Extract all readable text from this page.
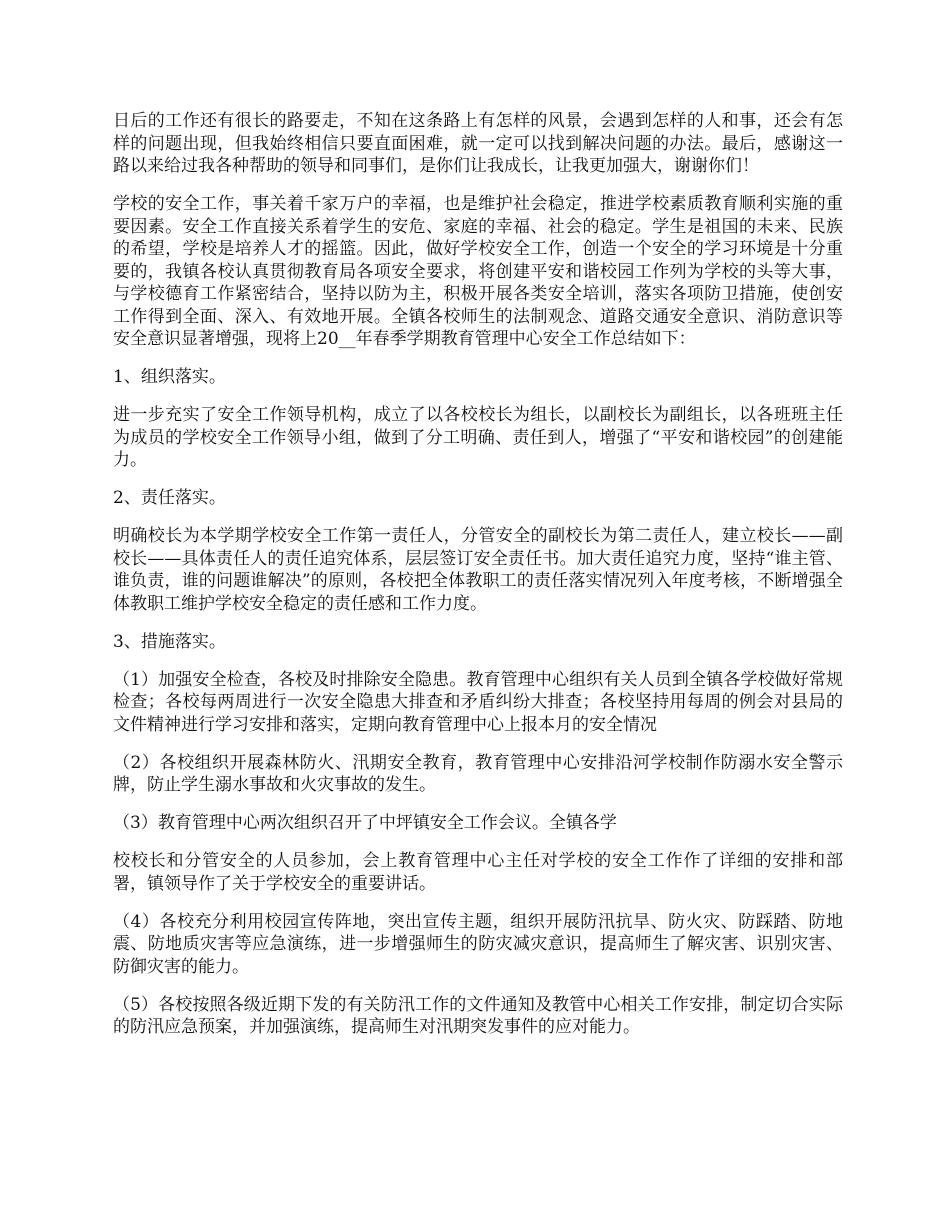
日后的工作还有很长的路要走，不知在这条路上有怎样的风景，会遇到怎样的人和事，还会有怎样的问题出现，但我始终相信只要直面困难，就一定可以找到解决问题的办法。最后，感谢这一路以来给过我各种帮助的领导和同事们，是你们让我成长，让我更加强大，谢谢你们！

学校的安全工作，事关着千家万户的幸福，也是维护社会稳定，推进学校素质教育顺利实施的重要因素。安全工作直接关系着学生的安危、家庭的幸福、社会的稳定。学生是祖国的未来、民族的希望，学校是培养人才的摇篮。因此，做好学校安全工作，创造一个安全的学习环境是十分重要的，我镇各校认真贯彻教育局各项安全要求，将创建平安和谐校园工作列为学校的头等大事，与学校德育工作紧密结合，坚持以防为主，积极开展各类安全培训，落实各项防卫措施，使创安工作得到全面、深入、有效地开展。全镇各校师生的法制观念、道路交通安全意识、消防意识等安全意识显著增强，现将上20__年春季学期教育管理中心安全工作总结如下：

1、组织落实。

进一步充实了安全工作领导机构，成立了以各校校长为组长，以副校长为副组长，以各班班主任为成员的学校安全工作领导小组，做到了分工明确、责任到人，增强了“平安和谐校园”的创建能力。

2、责任落实。

明确校长为本学期学校安全工作第一责任人，分管安全的副校长为第二责任人，建立校长——副校长——具体责任人的责任追究体系，层层签订安全责任书。加大责任追究力度，坚持“谁主管、谁负责，谁的问题谁解决”的原则，各校把全体教职工的责任落实情况列入年度考核，不断增强全体教职工维护学校安全稳定的责任感和工作力度。

3、措施落实。

（1）加强安全检查，各校及时排除安全隐患。教育管理中心组织有关人员到全镇各学校做好常规检查；各校每两周进行一次安全隐患大排查和矛盾纠纷大排查；各校坚持用每周的例会对县局的文件精神进行学习安排和落实，定期向教育管理中心上报本月的安全情况

（2）各校组织开展森林防火、汛期安全教育，教育管理中心安排沿河学校制作防溺水安全警示牌，防止学生溺水事故和火灾事故的发生。

（3）教育管理中心两次组织召开了中坪镇安全工作会议。全镇各学

校校长和分管安全的人员参加，会上教育管理中心主任对学校的安全工作作了详细的安排和部署，镇领导作了关于学校安全的重要讲话。

（4）各校充分利用校园宣传阵地，突出宣传主题，组织开展防汛抗旱、防火灾、防踩踏、防地震、防地质灾害等应急演练，进一步增强师生的防灾减灾意识，提高师生了解灾害、识别灾害、防御灾害的能力。

（5）各校按照各级近期下发的有关防汛工作的文件通知及教管中心相关工作安排，制定切合实际的防汛应急预案，并加强演练，提高师生对汛期突发事件的应对能力。
